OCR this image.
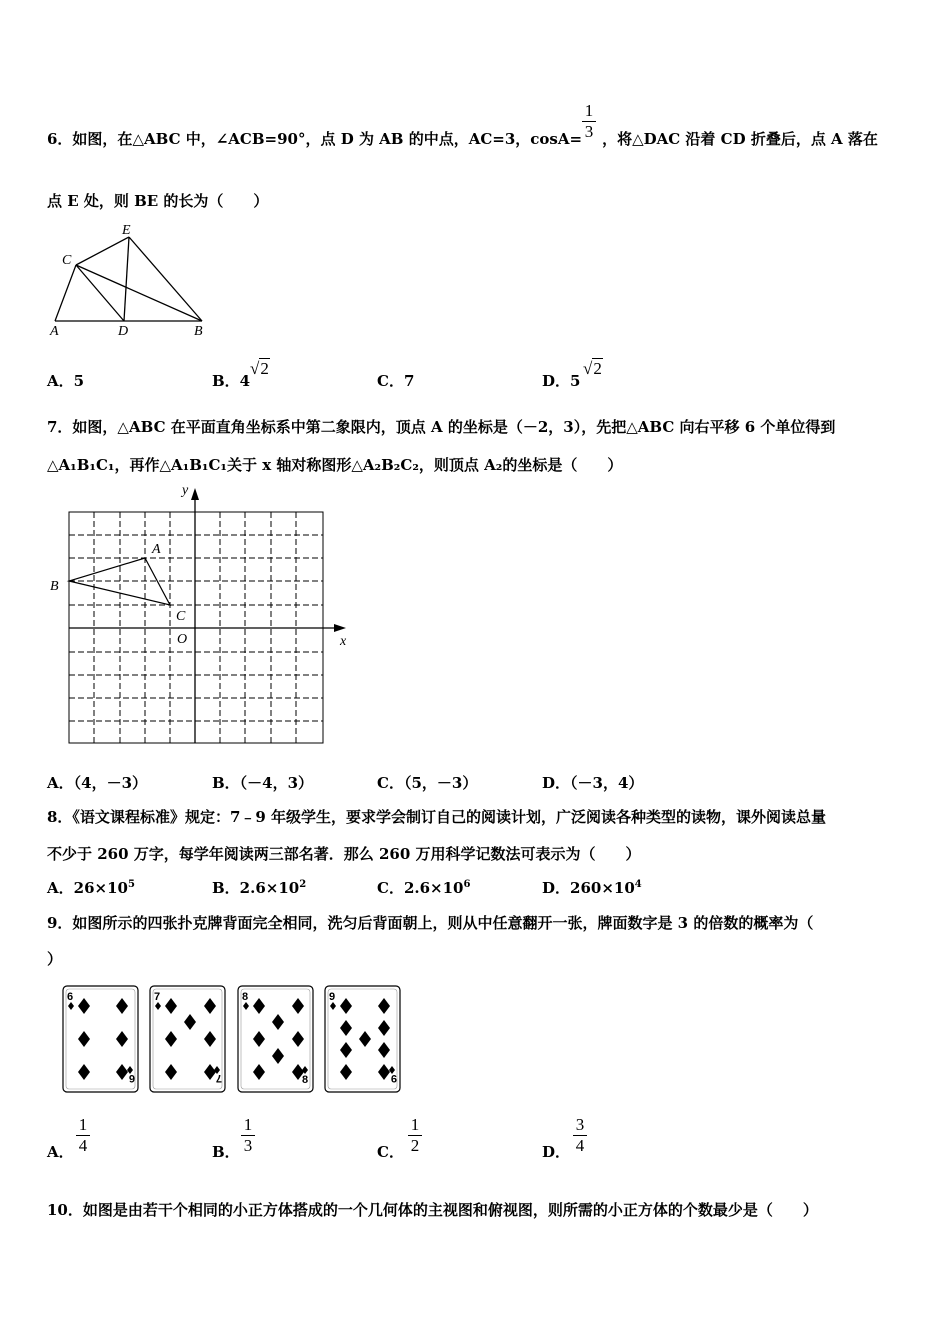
6．如图，在△ABC 中，∠ACB=90°，点 D 为 AB 的中点，AC=3，cosA= ，将△DAC 沿着 CD 折叠后，点 A 落在
$\frac{1}{3}$
点 E 处，则 BE 的长为（　　）
C
E
A	D	B
A．5	B．4
√2
C．7	D．5
√2
7．如图，△ABC 在平面直角坐标系中第二象限内，顶点 A 的坐标是（－2，3），先把△ABC 向右平移 6 个单位得到
△A₁B₁C₁，再作△A₁B₁C₁关于 x 轴对称图形△A₂B₂C₂，则顶点 A₂的坐标是（　　）
y
x
A
B
C
O
A．（4，－3）	B．（－4，3）	C．（5，－3）	D．（－3，4）
8．《语文课程标准》规定：7﹣9 年级学生，要求学会制订自己的阅读计划，广泛阅读各种类型的读物，课外阅读总量
不少于 260 万字，每学年阅读两三部名著．那么 260 万用科学记数法可表示为（　　）
A．$26\times 10^5$	B．$2.6\times 10^2$	C．$2.6\times 10^6$	D．$260\times 10^4$
9．如图所示的四张扑克牌背面完全相同，洗匀后背面朝上，则从中任意翻开一张，牌面数字是 3 的倍数的概率为（
）
6
6
7
7
8
8
9
9
A． $\frac{1}{4}$	B． $\frac{1}{3}$	C． $\frac{1}{2}$	D． $\frac{3}{4}$
10．如图是由若干个相同的小正方体搭成的一个几何体的主视图和俯视图，则所需的小正方体的个数最少是（　　）
